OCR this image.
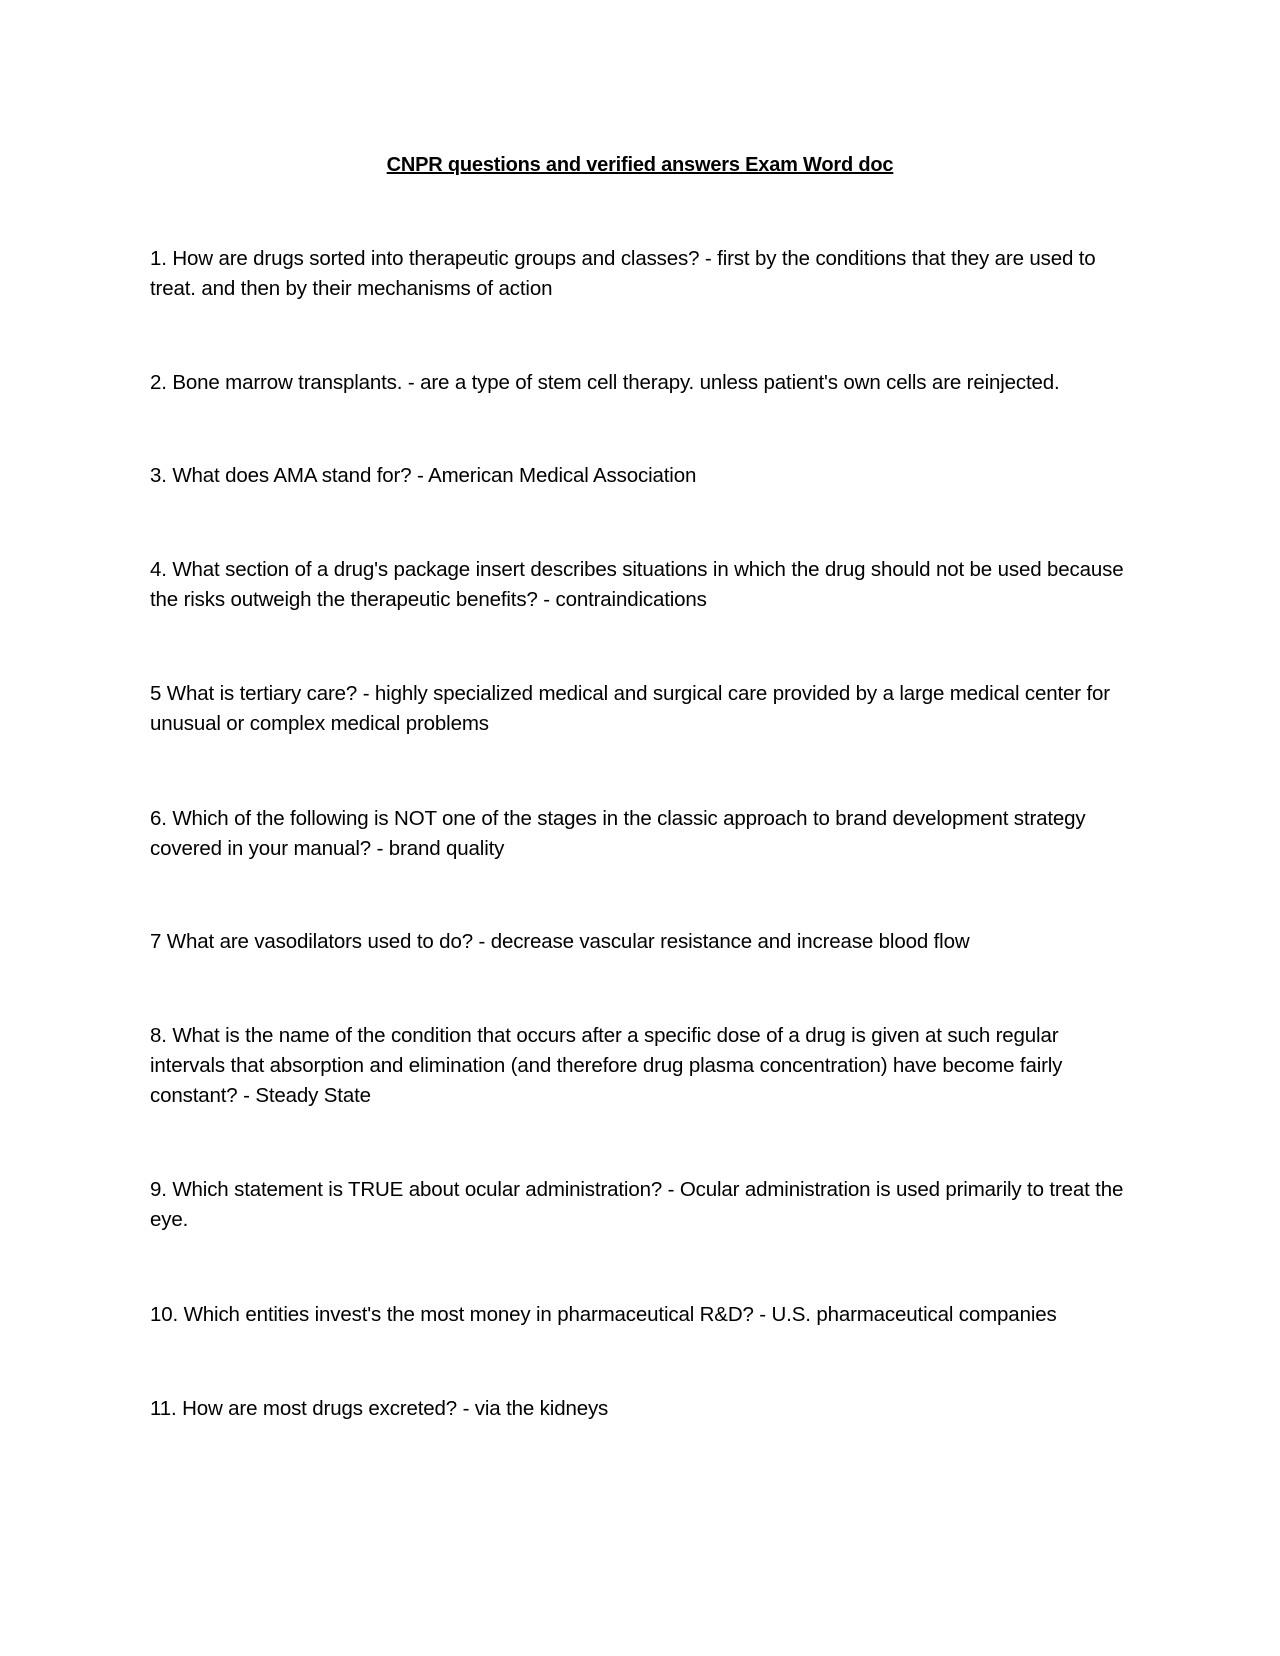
CNPR questions and verified answers Exam Word doc
1. How are drugs sorted into therapeutic groups and classes? - first by the conditions that they are used to treat. and then by their mechanisms of action
2. Bone marrow transplants. - are a type of stem cell therapy. unless patient's own cells are reinjected.
3. What does AMA stand for? - American Medical Association
4. What section of a drug's package insert describes situations in which the drug should not be used because the risks outweigh the therapeutic benefits? - contraindications
5 What is tertiary care? - highly specialized medical and surgical care provided by a large medical center for unusual or complex medical problems
6. Which of the following is NOT one of the stages in the classic approach to brand development strategy covered in your manual? - brand quality
7 What are vasodilators used to do? - decrease vascular resistance and increase blood flow
8. What is the name of the condition that occurs after a specific dose of a drug is given at such regular intervals that absorption and elimination (and therefore drug plasma concentration) have become fairly constant? - Steady State
9. Which statement is TRUE about ocular administration? - Ocular administration is used primarily to treat the eye.
10. Which entities invest's the most money in pharmaceutical R&D? - U.S. pharmaceutical companies
11. How are most drugs excreted? - via the kidneys
